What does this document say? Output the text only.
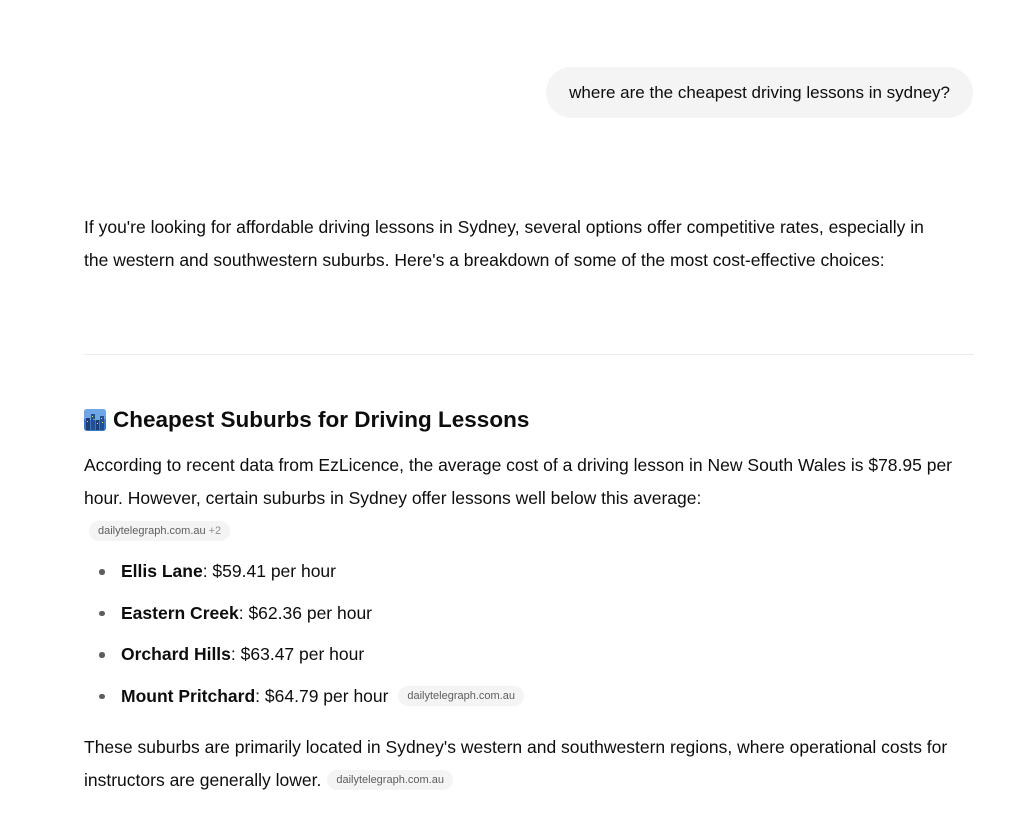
where are the cheapest driving lessons in sydney?

If you're looking for affordable driving lessons in Sydney, several options offer competitive rates, especially in the western and southwestern suburbs. Here's a breakdown of some of the most cost-effective choices:

Cheapest Suburbs for Driving Lessons

According to recent data from EzLicence, the average cost of a driving lesson in New South Wales is $78.95 per hour. However, certain suburbs in Sydney offer lessons well below this average:

dailytelegraph.com.au +2
Ellis Lane: $59.41 per hour
Eastern Creek: $62.36 per hour
Orchard Hills: $63.47 per hour
Mount Pritchard: $64.79 per hour dailytelegraph.com.au

These suburbs are primarily located in Sydney's western and southwestern regions, where operational costs for instructors are generally lower. dailytelegraph.com.au
